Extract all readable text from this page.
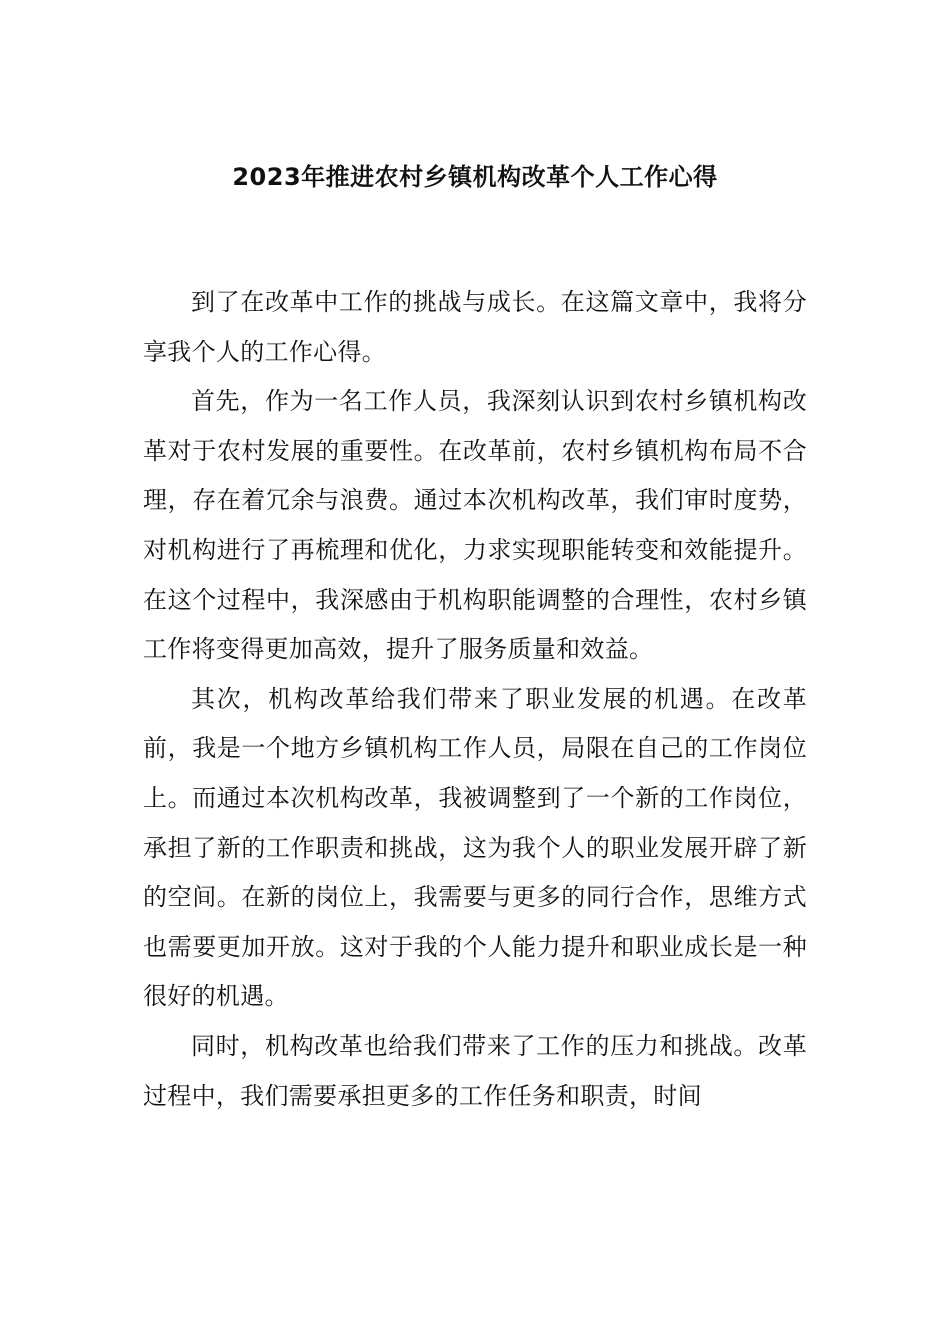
2023年推进农村乡镇机构改革个人工作心得

到了在改革中工作的挑战与成长。在这篇文章中，我将分享我个人的工作心得。

首先，作为一名工作人员，我深刻认识到农村乡镇机构改革对于农村发展的重要性。在改革前，农村乡镇机构布局不合理，存在着冗余与浪费。通过本次机构改革，我们审时度势，对机构进行了再梳理和优化，力求实现职能转变和效能提升。在这个过程中，我深感由于机构职能调整的合理性，农村乡镇工作将变得更加高效，提升了服务质量和效益。

其次，机构改革给我们带来了职业发展的机遇。在改革前，我是一个地方乡镇机构工作人员，局限在自己的工作岗位上。而通过本次机构改革，我被调整到了一个新的工作岗位，承担了新的工作职责和挑战，这为我个人的职业发展开辟了新的空间。在新的岗位上，我需要与更多的同行合作，思维方式也需要更加开放。这对于我的个人能力提升和职业成长是一种很好的机遇。

同时，机构改革也给我们带来了工作的压力和挑战。改革过程中，我们需要承担更多的工作任务和职责，时间
